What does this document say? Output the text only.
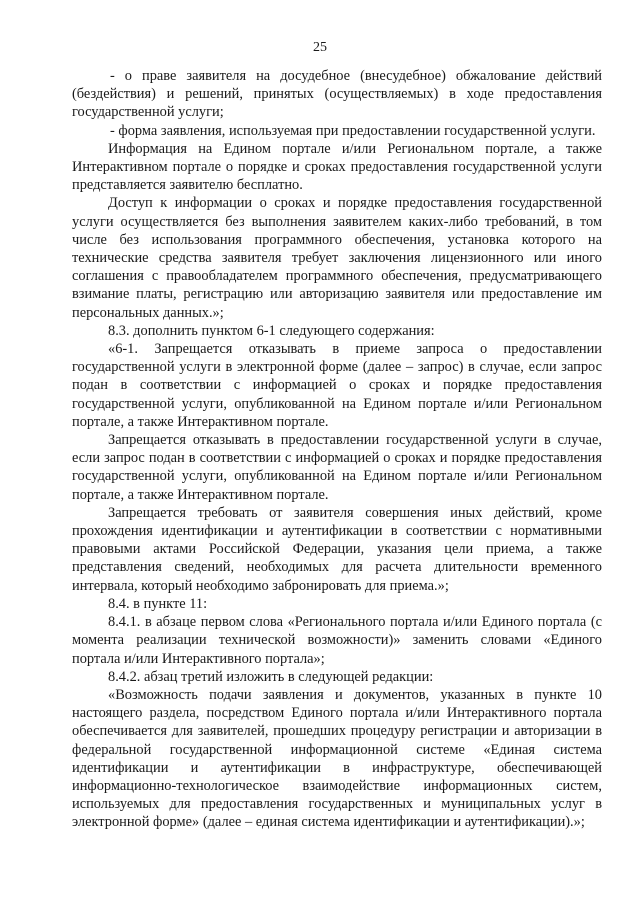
25

- о праве заявителя на досудебное (внесудебное) обжалование действий (бездействия) и решений, принятых (осуществляемых) в ходе предоставления государственной услуги;

- форма заявления, используемая при предоставлении государственной услуги.

Информация на Едином портале и/или Региональном портале, а также Интерактивном портале о порядке и сроках предоставления государственной услуги представляется заявителю бесплатно.

Доступ к информации о сроках и порядке предоставления государственной услуги осуществляется без выполнения заявителем каких-либо требований, в том числе без использования программного обеспечения, установка которого на технические средства заявителя требует заключения лицензионного или иного соглашения с правообладателем программного обеспечения, предусматривающего взимание платы, регистрацию или авторизацию заявителя или предоставление им персональных данных.»;

8.3. дополнить пунктом 6-1 следующего содержания:

«6-1. Запрещается отказывать в приеме запроса о предоставлении государственной услуги в электронной форме (далее – запрос) в случае, если запрос подан в соответствии с информацией о сроках и порядке предоставления государственной услуги, опубликованной на Едином портале и/или Региональном портале, а также Интерактивном портале.

Запрещается отказывать в предоставлении государственной услуги в случае, если запрос подан в соответствии с информацией о сроках и порядке предоставления государственной услуги, опубликованной на Едином портале и/или Региональном портале, а также Интерактивном портале.

Запрещается требовать от заявителя совершения иных действий, кроме прохождения идентификации и аутентификации в соответствии с нормативными правовыми актами Российской Федерации, указания цели приема, а также представления сведений, необходимых для расчета длительности временного интервала, который необходимо забронировать для приема.»;

8.4. в пункте 11:

8.4.1. в абзаце первом слова «Регионального портала и/или Единого портала (с момента реализации технической возможности)» заменить словами «Единого портала и/или Интерактивного портала»;

8.4.2. абзац третий изложить в следующей редакции:

«Возможность подачи заявления и документов, указанных в пункте 10 настоящего раздела, посредством Единого портала и/или Интерактивного портала обеспечивается для заявителей, прошедших процедуру регистрации и авторизации в федеральной государственной информационной системе «Единая система идентификации и аутентификации в инфраструктуре, обеспечивающей информационно-технологическое взаимодействие информационных систем, используемых для предоставления государственных и муниципальных услуг в электронной форме» (далее – единая система идентификации и аутентификации).»;
